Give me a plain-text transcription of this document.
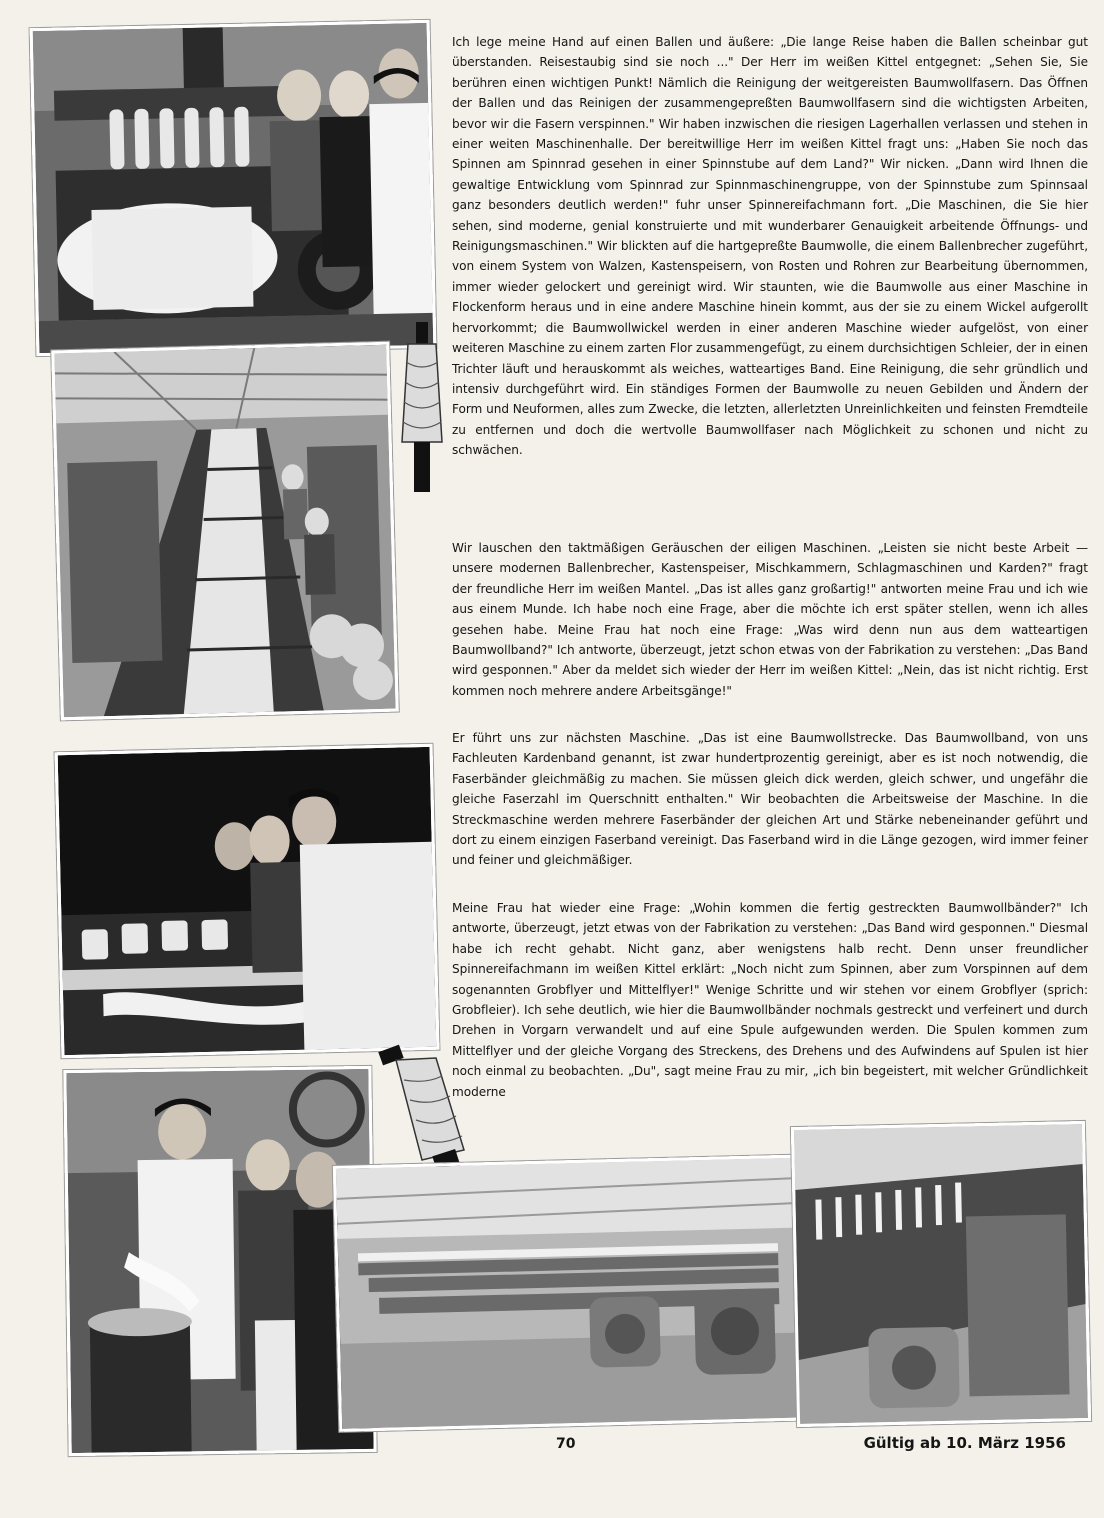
Ich lege meine Hand auf einen Ballen und äußere: „Die lange Reise haben die Ballen scheinbar gut überstanden. Reisestaubig sind sie noch ..." Der Herr im weißen Kittel entgegnet: „Sehen Sie, Sie berühren einen wichtigen Punkt! Nämlich die Reinigung der weitgereisten Baumwollfasern. Das Öffnen der Ballen und das Reinigen der zusammengepreßten Baumwollfasern sind die wichtigsten Arbeiten, bevor wir die Fasern verspinnen." Wir haben inzwischen die riesigen Lagerhallen verlassen und stehen in einer weiten Maschinenhalle. Der bereitwillige Herr im weißen Kittel fragt uns: „Haben Sie noch das Spinnen am Spinnrad gesehen in einer Spinnstube auf dem Land?" Wir nicken. „Dann wird Ihnen die gewaltige Entwicklung vom Spinnrad zur Spinnmaschinengruppe, von der Spinnstube zum Spinnsaal ganz besonders deutlich werden!" fuhr unser Spinnereifachmann fort. „Die Maschinen, die Sie hier sehen, sind moderne, genial konstruierte und mit wunderbarer Genauigkeit arbeitende Öffnungs- und Reinigungsmaschinen." Wir blickten auf die hartgepreßte Baumwolle, die einem Ballenbrecher zugeführt, von einem System von Walzen, Kastenspeisern, von Rosten und Rohren zur Bearbeitung übernommen, immer wieder gelockert und gereinigt wird. Wir staunten, wie die Baumwolle aus einer Maschine in Flockenform heraus und in eine andere Maschine hinein kommt, aus der sie zu einem Wickel aufgerollt hervorkommt; die Baumwollwickel werden in einer anderen Maschine wieder aufgelöst, von einer weiteren Maschine zu einem zarten Flor zusammengefügt, zu einem durchsichtigen Schleier, der in einen Trichter läuft und herauskommt als weiches, watteartiges Band. Eine Reinigung, die sehr gründlich und intensiv durchgeführt wird. Ein ständiges Formen der Baumwolle zu neuen Gebilden und Ändern der Form und Neuformen, alles zum Zwecke, die letzten, allerletzten Unreinlichkeiten und feinsten Fremdteile zu entfernen und doch die wertvolle Baumwollfaser nach Möglichkeit zu schonen und nicht zu schwächen.

Wir lauschen den taktmäßigen Geräuschen der eiligen Maschinen. „Leisten sie nicht beste Arbeit — unsere modernen Ballenbrecher, Kastenspeiser, Mischkammern, Schlagmaschinen und Karden?" fragt der freundliche Herr im weißen Mantel. „Das ist alles ganz großartig!" antworten meine Frau und ich wie aus einem Munde. Ich habe noch eine Frage, aber die möchte ich erst später stellen, wenn ich alles gesehen habe. Meine Frau hat noch eine Frage: „Was wird denn nun aus dem watteartigen Baumwollband?" Ich antworte, überzeugt, jetzt schon etwas von der Fabrikation zu verstehen: „Das Band wird gesponnen." Aber da meldet sich wieder der Herr im weißen Kittel: „Nein, das ist nicht richtig. Erst kommen noch mehrere andere Arbeitsgänge!"

Er führt uns zur nächsten Maschine. „Das ist eine Baumwollstrecke. Das Baumwollband, von uns Fachleuten Kardenband genannt, ist zwar hundertprozentig gereinigt, aber es ist noch notwendig, die Faserbänder gleichmäßig zu machen. Sie müssen gleich dick werden, gleich schwer, und ungefähr die gleiche Faserzahl im Querschnitt enthalten." Wir beobachten die Arbeitsweise der Maschine. In die Streckmaschine werden mehrere Faserbänder der gleichen Art und Stärke nebeneinander geführt und dort zu einem einzigen Faserband vereinigt. Das Faserband wird in die Länge gezogen, wird immer feiner und feiner und gleichmäßiger.

Meine Frau hat wieder eine Frage: „Wohin kommen die fertig gestreckten Baumwollbänder?" Ich antworte, überzeugt, jetzt etwas von der Fabrikation zu verstehen: „Das Band wird gesponnen." Diesmal habe ich recht gehabt. Nicht ganz, aber wenigstens halb recht. Denn unser freundlicher Spinnereifachmann im weißen Kittel erklärt: „Noch nicht zum Spinnen, aber zum Vorspinnen auf dem sogenannten Grobflyer und Mittelflyer!" Wenige Schritte und wir stehen vor einem Grobflyer (sprich: Grobfleier). Ich sehe deutlich, wie hier die Baumwollbänder nochmals gestreckt und verfeinert und durch Drehen in Vorgarn verwandelt und auf eine Spule aufgewunden werden. Die Spulen kommen zum Mittelflyer und der gleiche Vorgang des Streckens, des Drehens und des Aufwindens auf Spulen ist hier noch einmal zu beobachten. „Du", sagt meine Frau zu mir, „ich bin begeistert, mit welcher Gründlichkeit moderne

70	Gültig ab 10. März 1956
